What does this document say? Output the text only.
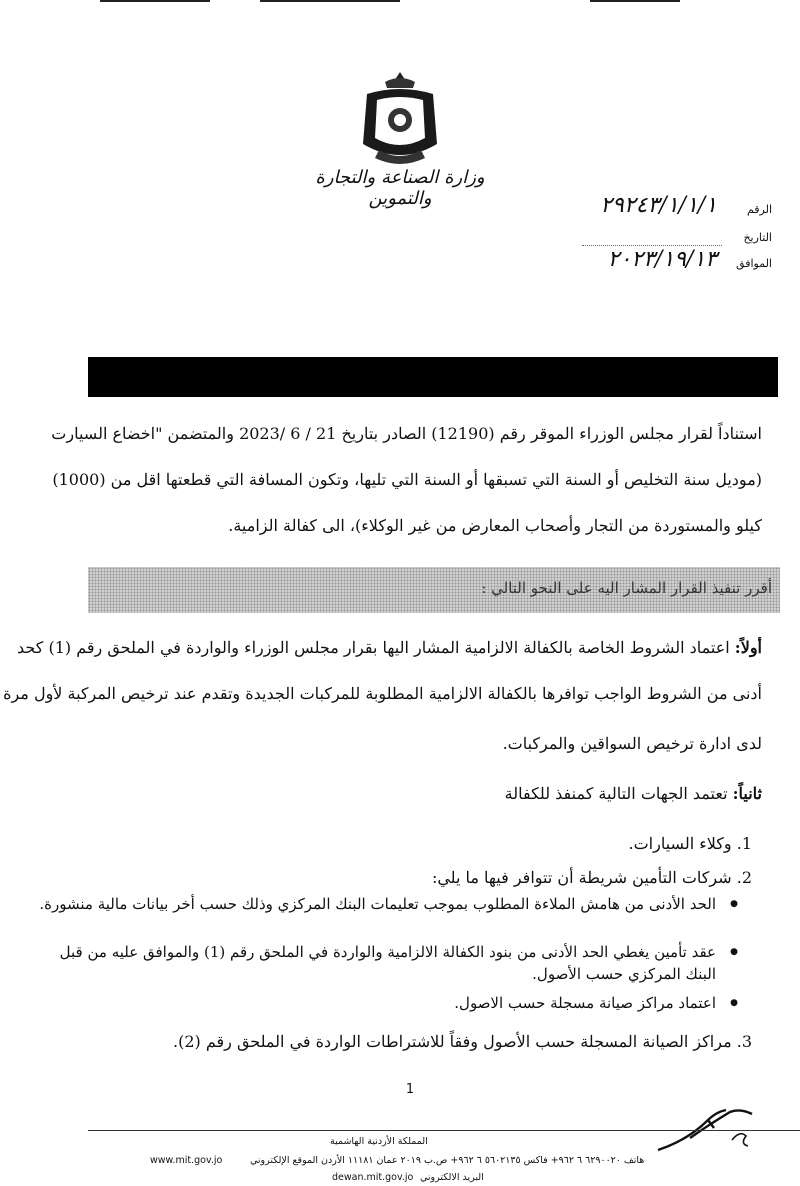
وزارة الصناعة والتجارة والتموين
الرقم
٢٩٢٤٣/١/١/١
التاريخ
الموافق
٢٠٢٣/١٩/١٣
استناداً لقرار مجلس الوزراء الموقر رقم (12190) الصادر بتاريخ 21 / 6 /2023 والمتضمن "اخضاع السيارت
(موديل سنة التخليص أو السنة التي تسبقها أو السنة التي تليها، وتكون المسافة التي قطعتها اقل من (1000)
كيلو والمستوردة من التجار وأصحاب المعارض من غير الوكلاء)، الى كفالة الزامية.
أقرر تنفيذ القرار المشار اليه على النحو التالي :
أولاً: اعتماد الشروط الخاصة بالكفالة الالزامية المشار اليها بقرار مجلس الوزراء والواردة في الملحق رقم (1) كحد
أدنى من الشروط الواجب توافرها بالكفالة الالزامية المطلوبة للمركبات الجديدة وتقدم عند ترخيص المركبة لأول مرة
لدى ادارة ترخيص السواقين والمركبات.
ثانياً: تعتمد الجهات التالية كمنفذ للكفالة
1. وكلاء السيارات.
2. شركات التأمين شريطة أن تتوافر فيها ما يلي:
● الحد الأدنى من هامش الملاءة المطلوب بموجب تعليمات البنك المركزي وذلك حسب أخر بيانات مالية منشورة.
● عقد تأمين يغطي الحد الأدنى من بنود الكفالة الالزامية والواردة في الملحق رقم (1) والموافق عليه من قبل البنك المركزي حسب الأصول.
● اعتماد مراكز صيانة مسجلة حسب الاصول.
3. مراكز الصيانة المسجلة حسب الأصول وفقاً للاشتراطات الواردة في الملحق رقم (2).
1
المملكة الأردنية الهاشمية
هاتف ٦٢٩٠٠٢٠ ٦ ٩٦٢+ فاكس ٥٦٠٢١٣٥ ٦ ٩٦٢+ ص.ب ٢٠١٩ عمان ١١١٨١ الأردن الموقع الإلكتروني
www.mit.gov.jo
dewan.mit.gov.jo البريد الالكتروني
